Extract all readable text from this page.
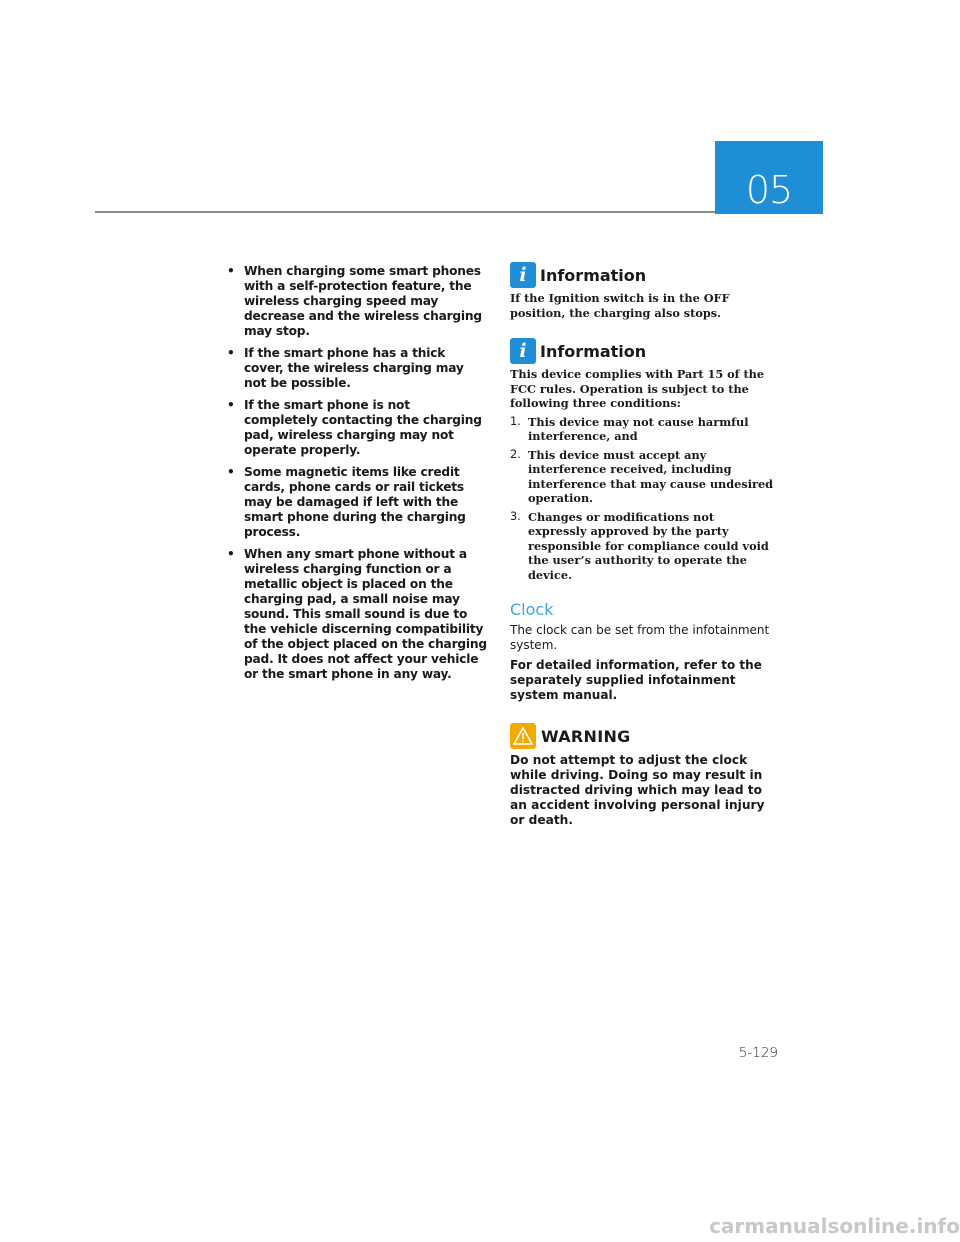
05
• When charging some smart phones with a self-protection feature, the wireless charging speed may decrease and the wireless charging may stop.
• If the smart phone has a thick cover, the wireless charging may not be possible.
• If the smart phone is not completely contacting the charging pad, wireless charging may not operate properly.
• Some magnetic items like credit cards, phone cards or rail tickets may be damaged if left with the smart phone during the charging process.
• When any smart phone without a wireless charging function or a metallic object is placed on the charging pad, a small noise may sound. This small sound is due to the vehicle discerning compatibility of the object placed on the charging pad. It does not affect your vehicle or the smart phone in any way.
i Information

If the Ignition switch is in the OFF position, the charging also stops.

i Information

This device complies with Part 15 of the FCC rules. Operation is subject to the following three conditions:

1. This device may not cause harmful interference, and
2. This device must accept any interference received, including interference that may cause undesired operation.
3. Changes or modifications not expressly approved by the party responsible for compliance could void the user’s authority to operate the device.
Clock

The clock can be set from the infotainment system.

For detailed information, refer to the separately supplied infotainment system manual.

WARNING

Do not attempt to adjust the clock while driving. Doing so may result in distracted driving which may lead to an accident involving personal injury or death.

5-129
carmanualsonline.info
